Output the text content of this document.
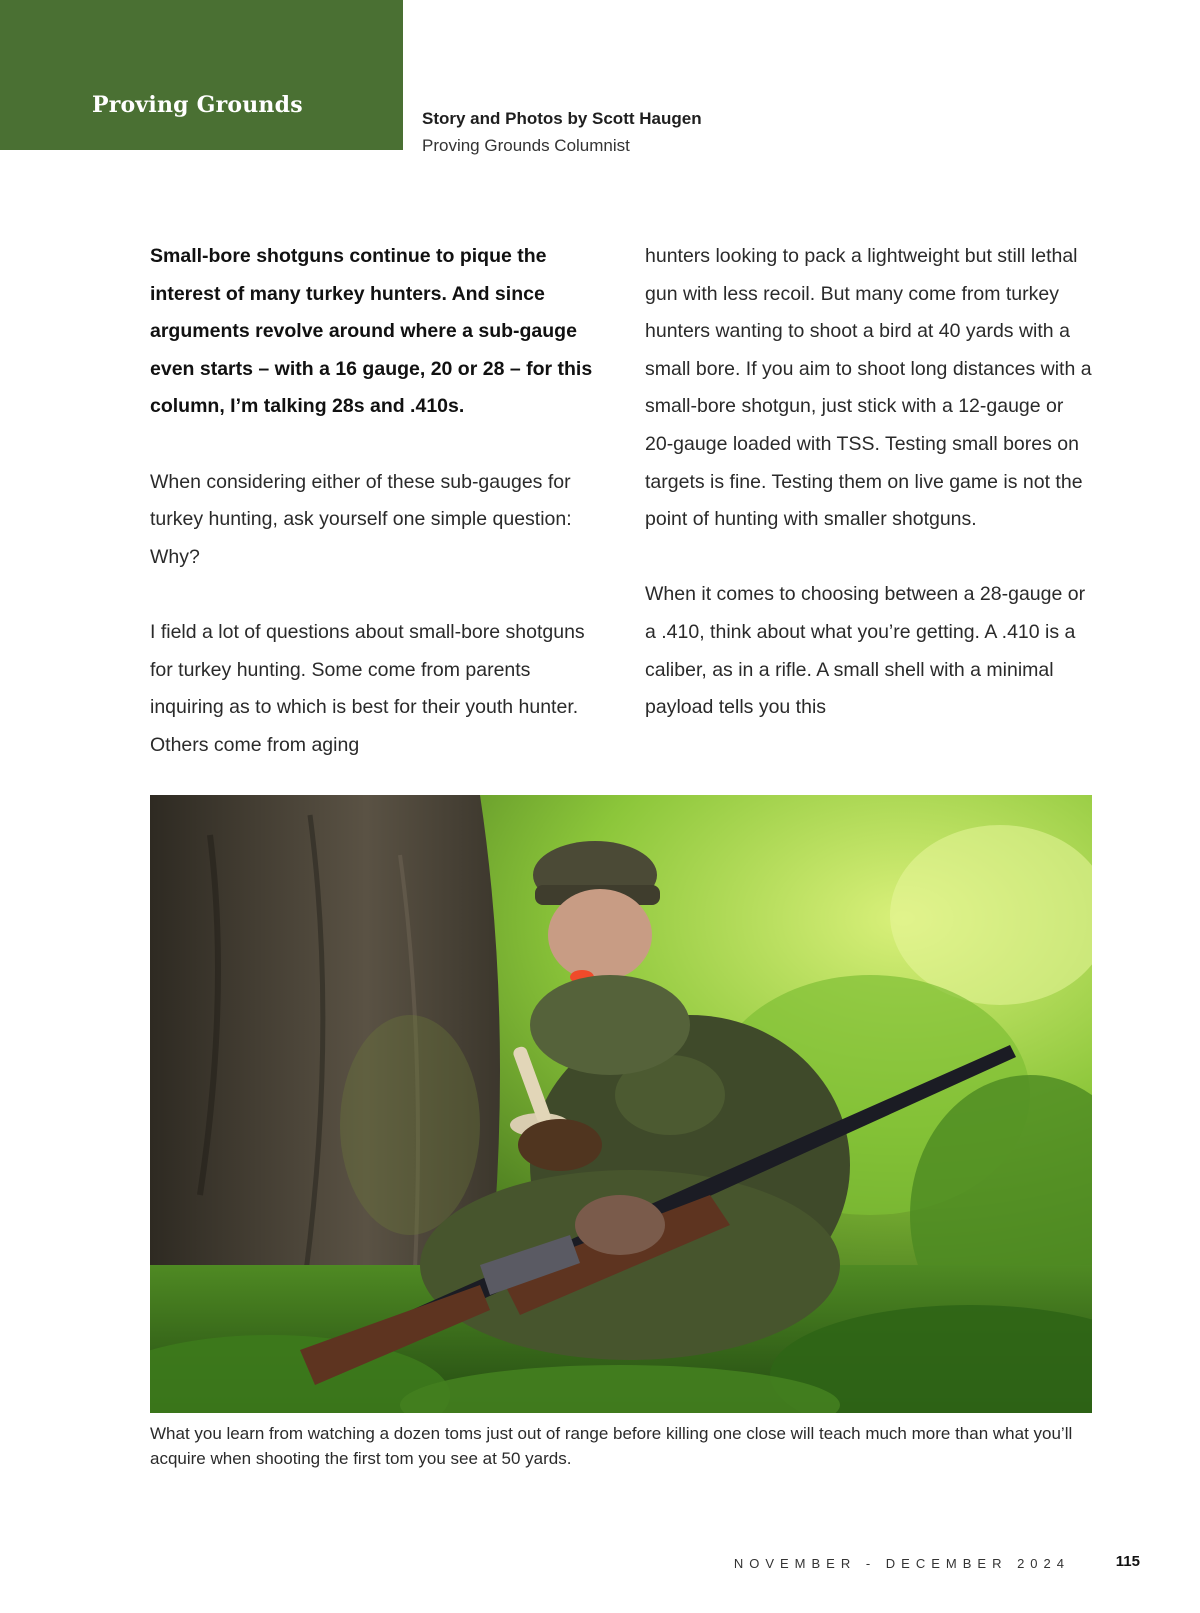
Proving Grounds
Story and Photos by Scott Haugen
Proving Grounds Columnist

Small-bore shotguns continue to pique the interest of many turkey hunters. And since arguments revolve around where a sub-gauge even starts – with a 16 gauge, 20 or 28 – for this column, I’m talking 28s and .410s.

When considering either of these sub-gauges for turkey hunting, ask yourself one simple question: Why?

I field a lot of questions about small-bore shotguns for turkey hunting. Some come from parents inquiring as to which is best for their youth hunter. Others come from aging

hunters looking to pack a lightweight but still lethal gun with less recoil. But many come from turkey hunters wanting to shoot a bird at 40 yards with a small bore. If you aim to shoot long distances with a small-bore shotgun, just stick with a 12-gauge or 20-gauge loaded with TSS. Testing small bores on targets is fine. Testing them on live game is not the point of hunting with smaller shotguns.

When it comes to choosing between a 28-gauge or a .410, think about what you’re getting. A .410 is a caliber, as in a rifle. A small shell with a minimal payload tells you this

What you learn from watching a dozen toms just out of range before killing one close will teach much more than what you’ll acquire when shooting the first tom you see at 50 yards.
NOVEMBER - DECEMBER 2024	115
